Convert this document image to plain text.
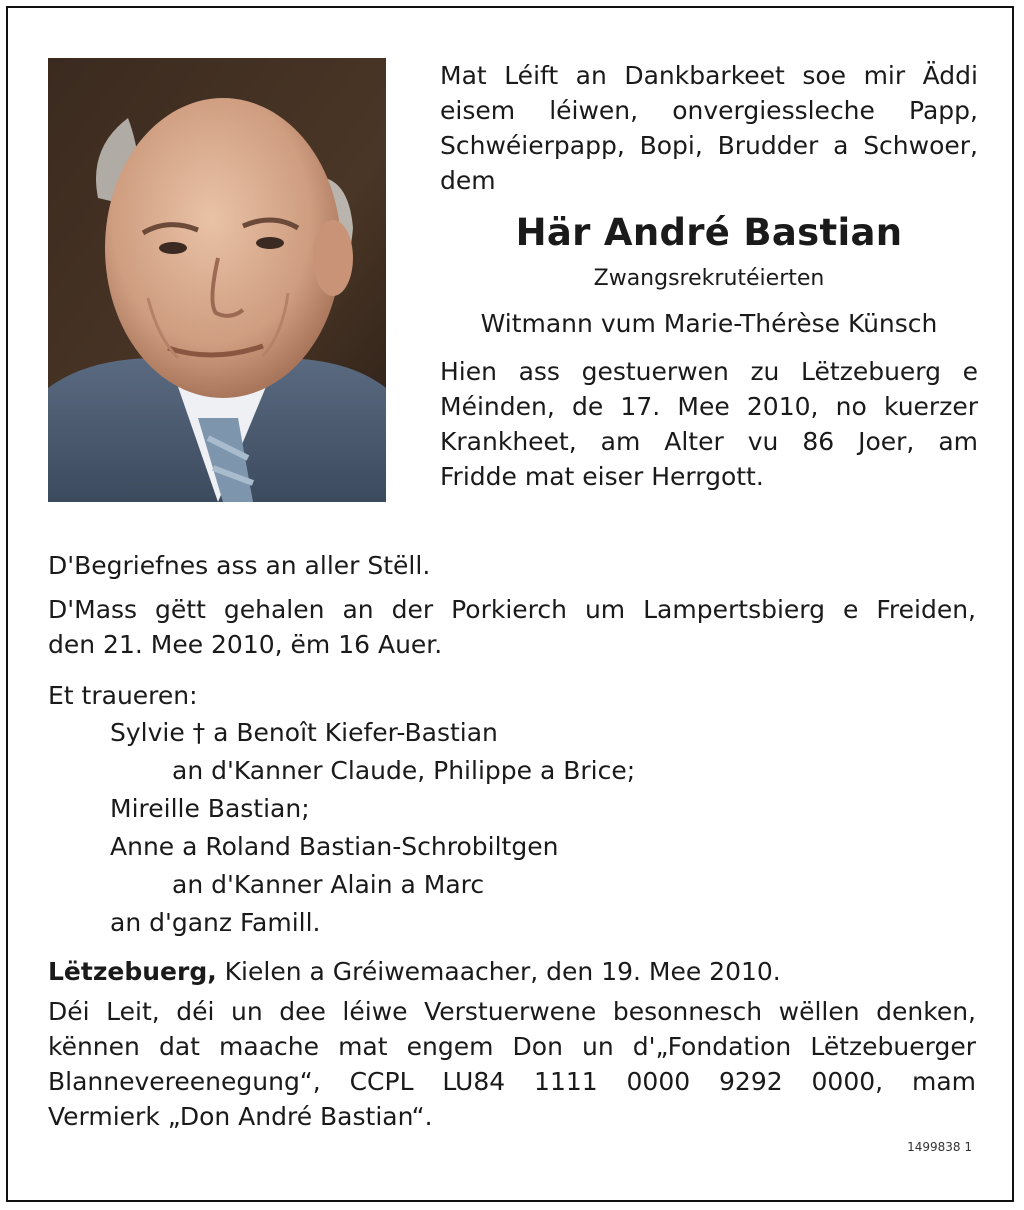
Mat Léift an Dankbarkeet soe mir Äddi
eisem léiwen, onvergiessleche Papp,
Schwéierpapp, Bopi, Brudder a Schwoer,
dem
Här André Bastian
Zwangsrekrutéierten
Witmann vum Marie-Thérèse Künsch
Hien ass gestuerwen zu Lëtzebuerg e
Méinden, de 17. Mee 2010, no kuerzer
Krankheet, am Alter vu 86 Joer, am
Fridde mat eiser Herrgott.
D'Begriefnes ass an aller Stëll.
D'Mass gëtt gehalen an der Porkierch um Lampertsbierg e Freiden,
den 21. Mee 2010, ëm 16 Auer.
Et traueren:
Sylvie † a Benoît Kiefer-Bastian
an d'Kanner Claude, Philippe a Brice;
Mireille Bastian;
Anne a Roland Bastian-Schrobiltgen
an d'Kanner Alain a Marc
an d'ganz Famill.
Lëtzebuerg, Kielen a Gréiwemaacher, den 19. Mee 2010.
Déi Leit, déi un dee léiwe Verstuerwene besonnesch wëllen denken,
kënnen dat maache mat engem Don un d'„Fondation Lëtzebuerger
Blannevereenegung“, CCPL LU84 1111 0000 9292 0000, mam
Vermierk „Don André Bastian“.
1499838 1
